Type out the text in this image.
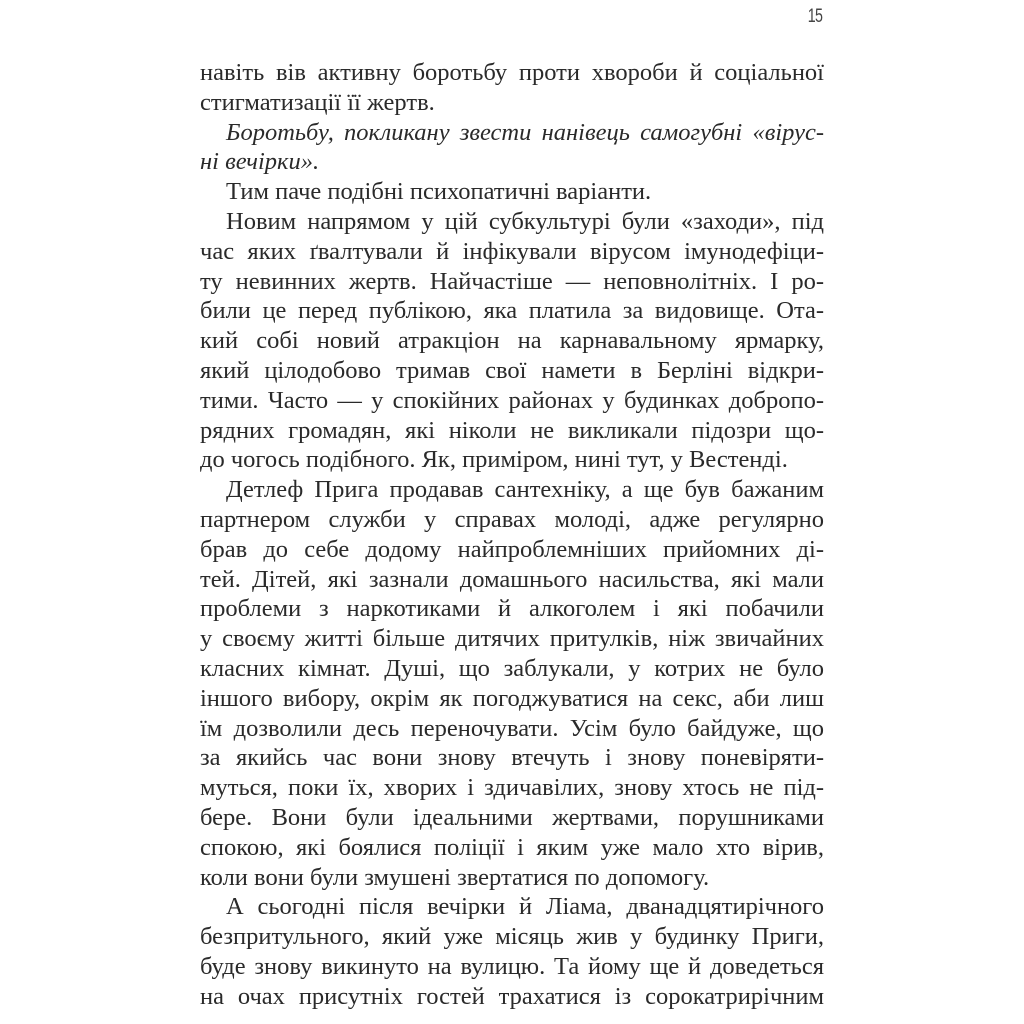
15
навіть вів активну боротьбу проти хвороби й соціальної
стигматизації її жертв.
Боротьбу, покликану звести нанівець самогубні «вірус-
ні вечірки».
Тим паче подібні психопатичні варіанти.
Новим напрямом у цій субкультурі були «заходи», під
час яких ґвалтували й інфікували вірусом імунодефіци-
ту невинних жертв. Найчастіше — неповнолітніх. І ро-
били це перед публікою, яка платила за видовище. Ота-
кий собі новий атракціон на карнавальному ярмарку,
який цілодобово тримав свої намети в Берліні відкри-
тими. Часто — у спокійних районах у будинках добропо-
рядних громадян, які ніколи не викликали підозри що-
до чогось подібного. Як, приміром, нині тут, у Вестенді.
Детлеф Прига продавав сантехніку, а ще був бажаним
партнером служби у справах молоді, адже регулярно
брав до себе додому найпроблемніших прийомних ді-
тей. Дітей, які зазнали домашнього насильства, які мали
проблеми з наркотиками й алкоголем і які побачили
у своєму житті більше дитячих притулків, ніж звичайних
класних кімнат. Душі, що заблукали, у котрих не було
іншого вибору, окрім як погоджуватися на секс, аби лиш
їм дозволили десь переночувати. Усім було байдуже, що
за якийсь час вони знову втечуть і знову поневіряти-
муться, поки їх, хворих і здичавілих, знову хтось не під-
бере. Вони були ідеальними жертвами, порушниками
спокою, які боялися поліції і яким уже мало хто вірив,
коли вони були змушені звертатися по допомогу.
А сьогодні після вечірки й Ліама, дванадцятирічного
безпритульного, який уже місяць жив у будинку Приги,
буде знову викинуто на вулицю. Та йому ще й доведеться
на очах присутніх гостей трахатися із сорокатрирічним
